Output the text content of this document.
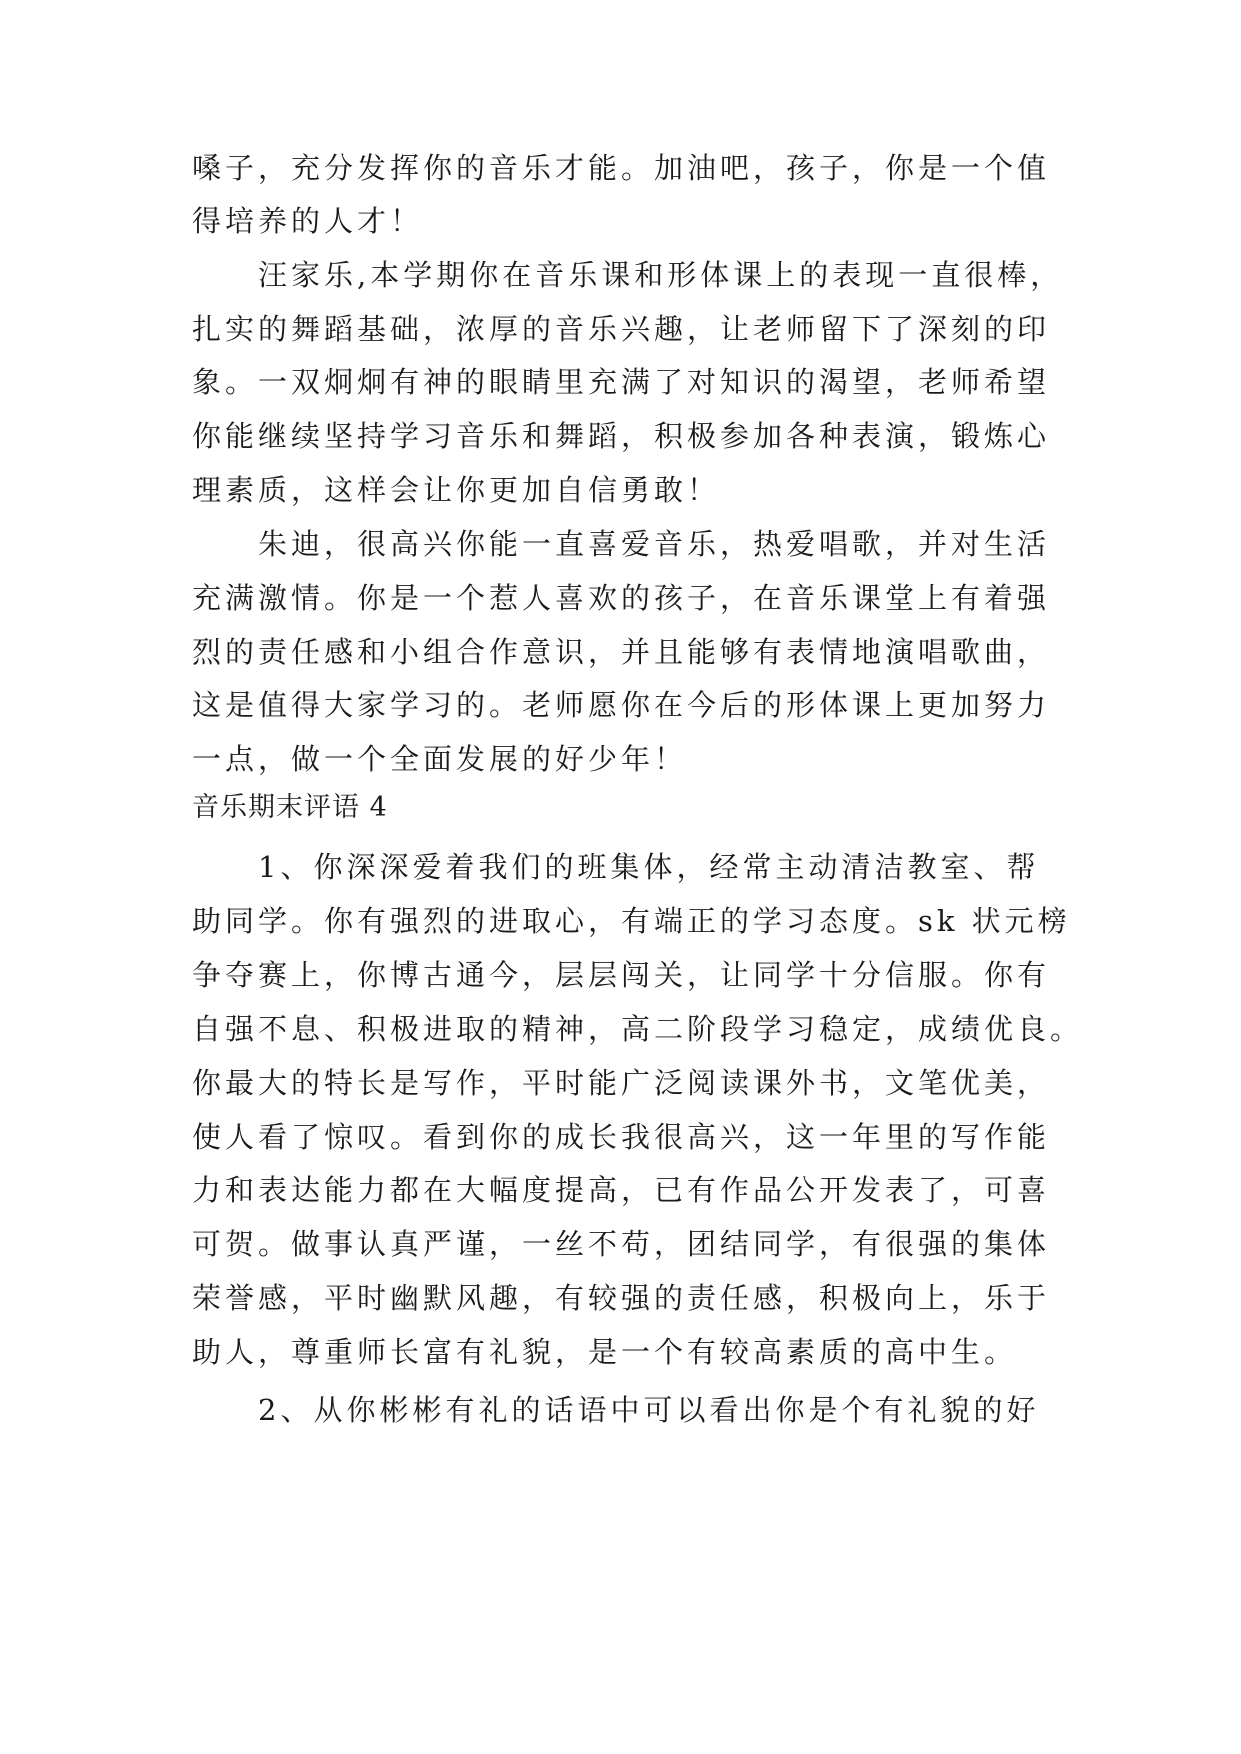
嗓子，充分发挥你的音乐才能。加油吧，孩子，你是一个值

得培养的人才！

　　汪家乐,本学期你在音乐课和形体课上的表现一直很棒，

扎实的舞蹈基础，浓厚的音乐兴趣，让老师留下了深刻的印

象。一双炯炯有神的眼睛里充满了对知识的渴望，老师希望

你能继续坚持学习音乐和舞蹈，积极参加各种表演，锻炼心

理素质，这样会让你更加自信勇敢！

　　朱迪，很高兴你能一直喜爱音乐，热爱唱歌，并对生活

充满激情。你是一个惹人喜欢的孩子，在音乐课堂上有着强

烈的责任感和小组合作意识，并且能够有表情地演唱歌曲，

这是值得大家学习的。老师愿你在今后的形体课上更加努力

一点，做一个全面发展的好少年！

音乐期末评语 4

　　1、你深深爱着我们的班集体，经常主动清洁教室、帮

助同学。你有强烈的进取心，有端正的学习态度。sk 状元榜

争夺赛上，你博古通今，层层闯关，让同学十分信服。你有

自强不息、积极进取的精神，高二阶段学习稳定，成绩优良。

你最大的特长是写作，平时能广泛阅读课外书，文笔优美，

使人看了惊叹。看到你的成长我很高兴，这一年里的写作能

力和表达能力都在大幅度提高，已有作品公开发表了，可喜

可贺。做事认真严谨，一丝不苟，团结同学，有很强的集体

荣誉感，平时幽默风趣，有较强的责任感，积极向上，乐于

助人，尊重师长富有礼貌，是一个有较高素质的高中生。

　　2、从你彬彬有礼的话语中可以看出你是个有礼貌的好
